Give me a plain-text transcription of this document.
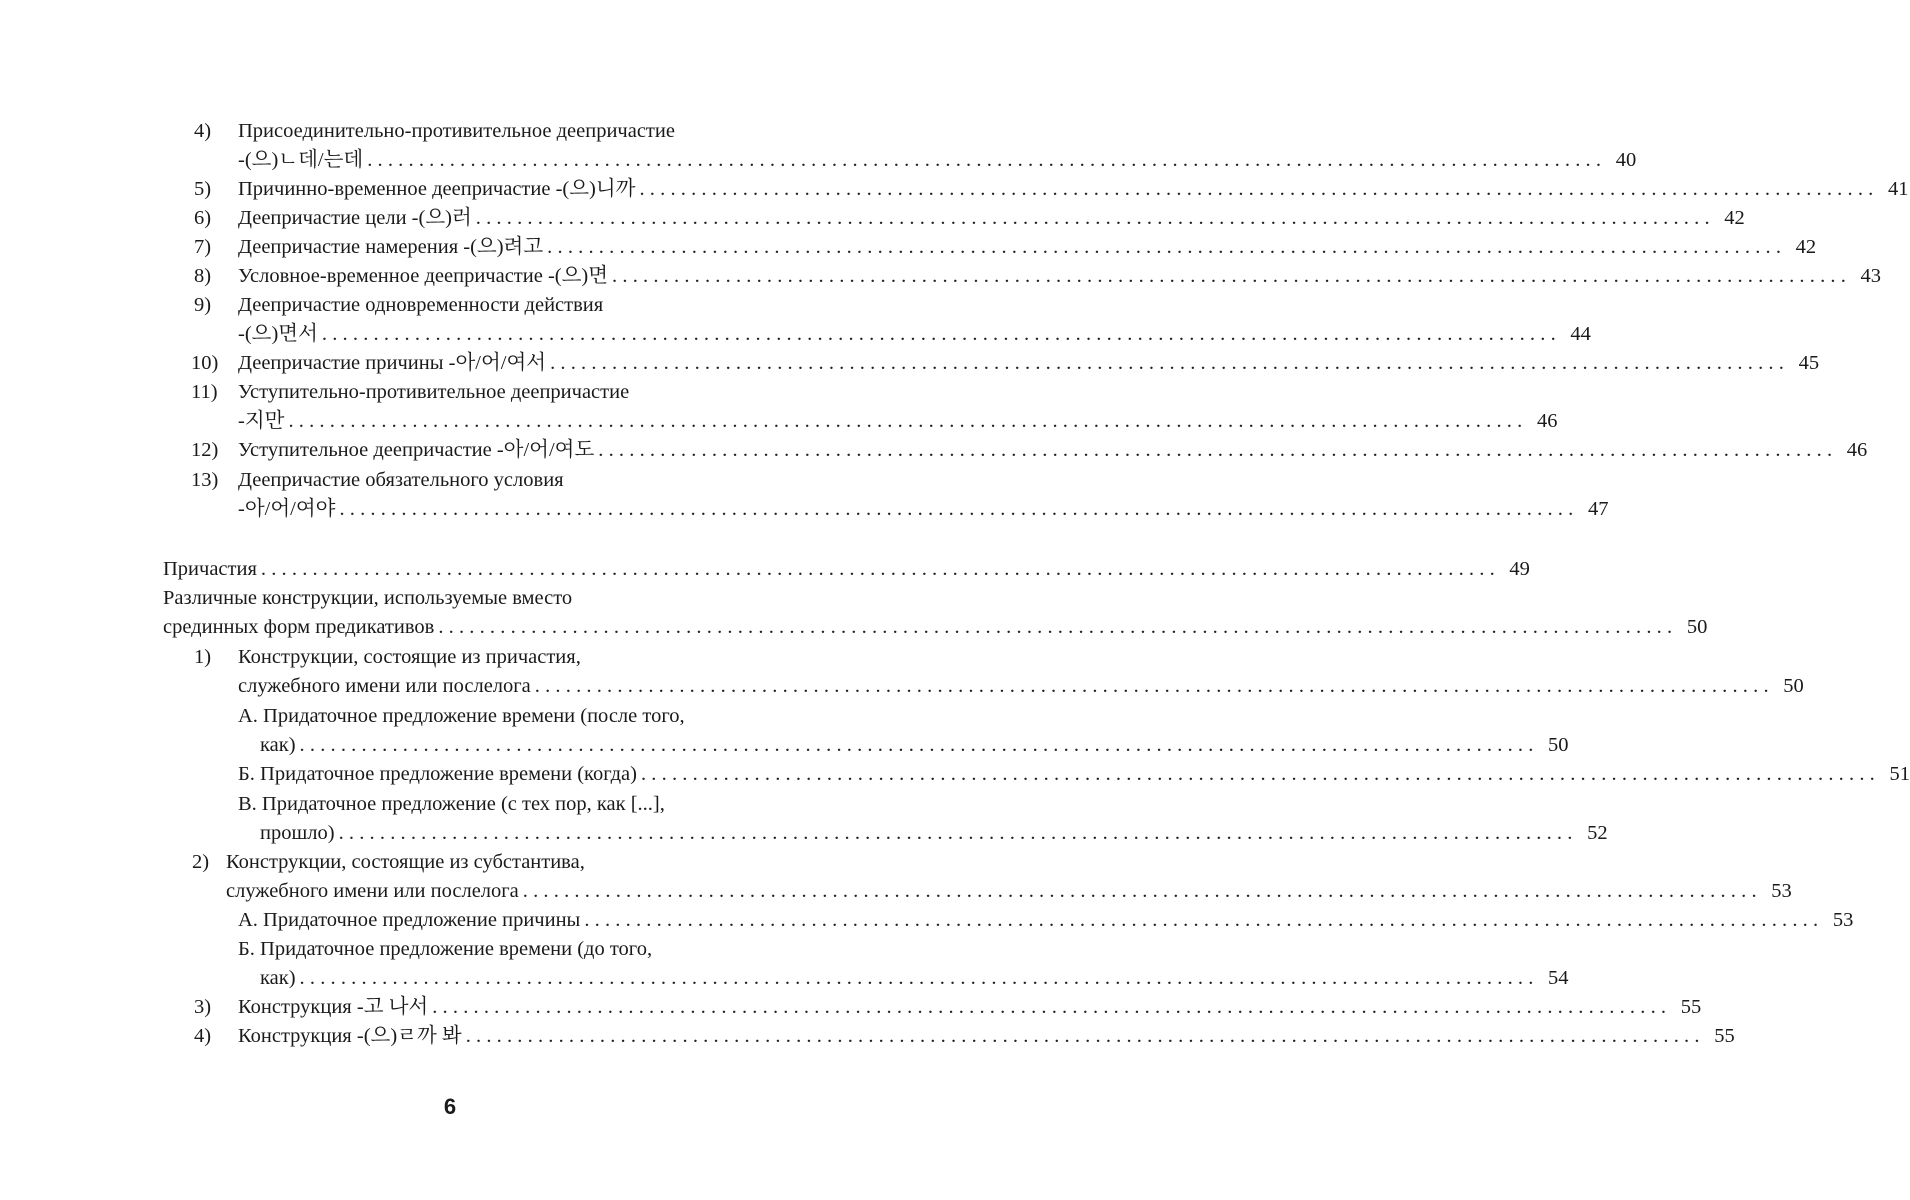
4) Присоединительно-противительное деепричастие
-(으)ㄴ데/는데 ........................................................................................................................ 40
5) Причинно-временное деепричастие -(으)니까 ........................................................................................................................ 41
6) Деепричастие цели -(으)러 ........................................................................................................................ 42
7) Деепричастие намерения -(으)려고 ........................................................................................................................ 42
8) Условное-временное деепричастие -(으)면 ........................................................................................................................ 43
9) Деепричастие одновременности действия
-(으)면서 ........................................................................................................................ 44
10) Деепричастие причины -아/어/여서 ........................................................................................................................ 45
11) Уступительно-противительное деепричастие
-지만 ........................................................................................................................ 46
12) Уступительное деепричастие -아/어/여도 ........................................................................................................................ 46
13) Деепричастие обязательного условия
-아/어/여야 ........................................................................................................................ 47
Причастия ........................................................................................................................ 49
Различные конструкции, используемые вместо
срединных форм предикативов ........................................................................................................................ 50
1) Конструкции, состоящие из причастия,
служебного имени или послелога ........................................................................................................................ 50
А. Придаточное предложение времени (после того,
как) ........................................................................................................................ 50
Б. Придаточное предложение времени (когда) ........................................................................................................................ 51
В. Придаточное предложение (с тех пор, как [...],
прошло) ........................................................................................................................ 52
2) Конструкции, состоящие из субстантива,
служебного имени или послелога ........................................................................................................................ 53
А. Придаточное предложение причины ........................................................................................................................ 53
Б. Придаточное предложение времени (до того,
как) ........................................................................................................................ 54
3) Конструкция -고 나서 ........................................................................................................................ 55
4) Конструкция -(으)ㄹ까 봐 ........................................................................................................................ 55
6
